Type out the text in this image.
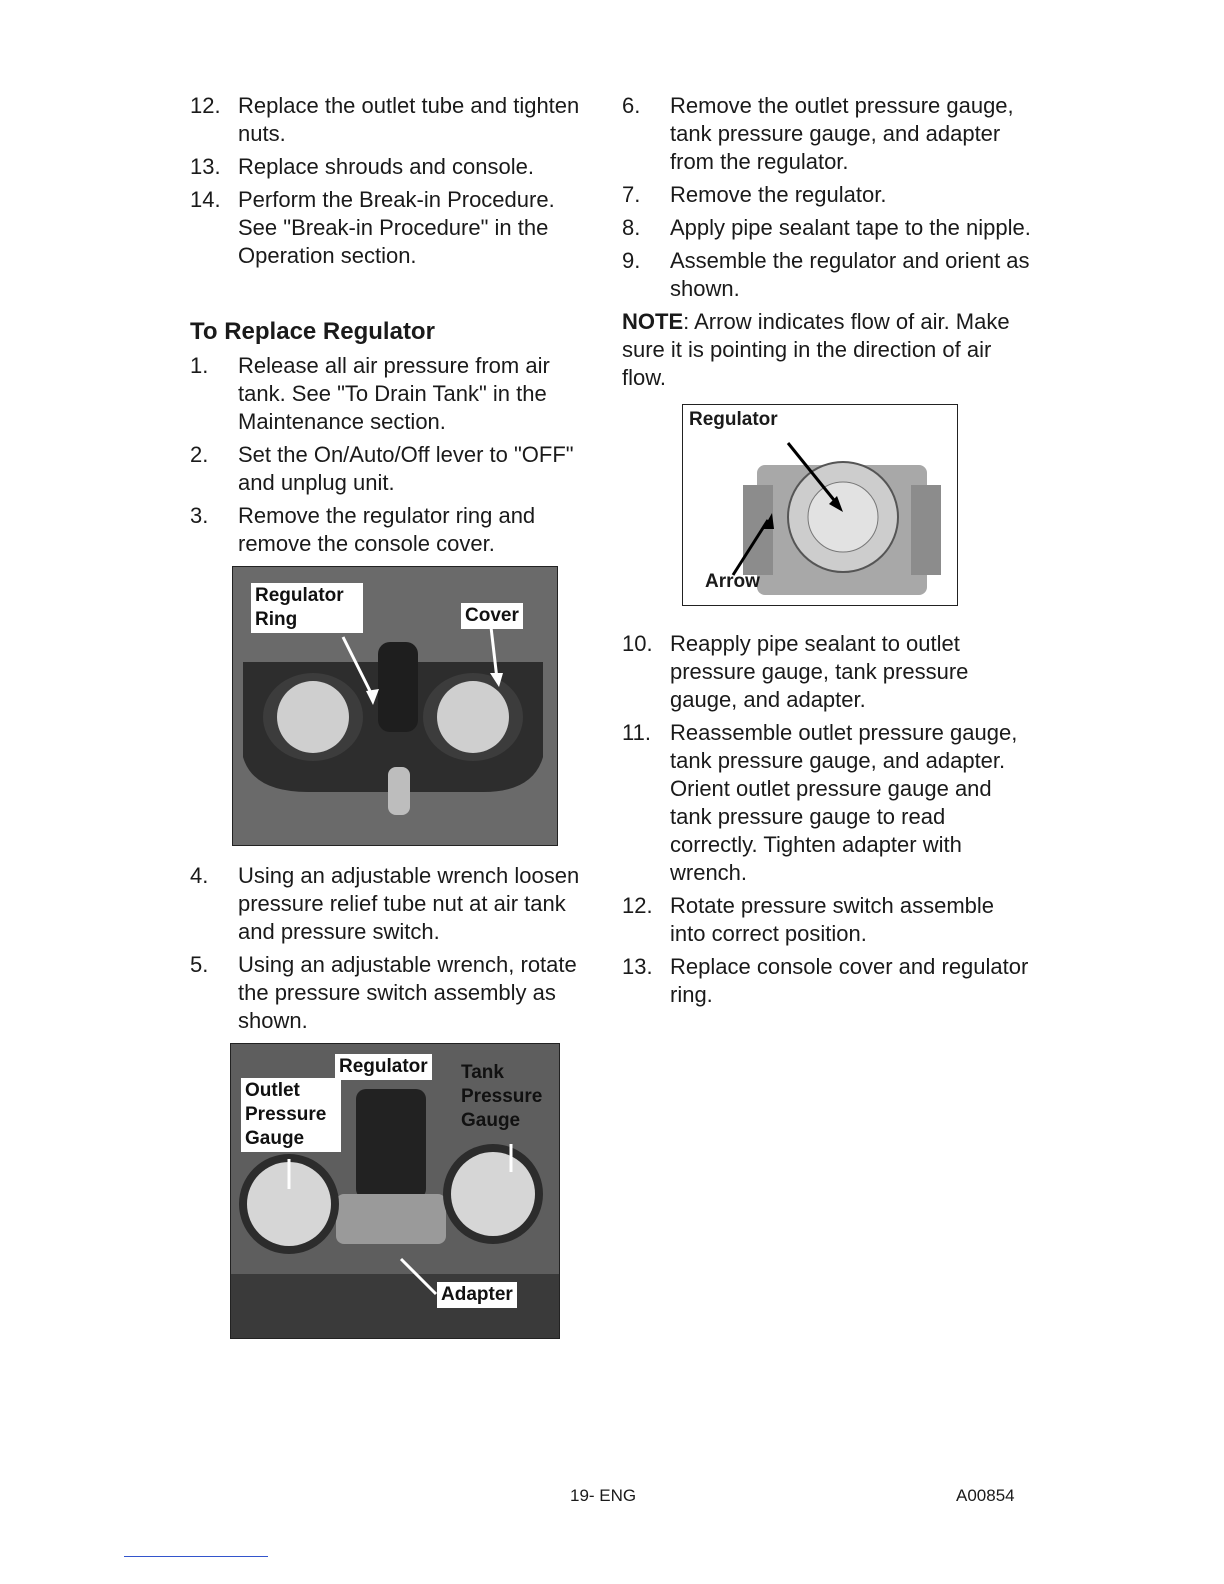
12. Replace the outlet tube and tighten nuts.
13. Replace shrouds and console.
14. Perform the Break-in Procedure. See "Break-in Procedure" in the Operation section.
To Replace Regulator
1. Release all air pressure from air tank. See "To Drain Tank" in the Maintenance section.
2. Set the On/Auto/Off lever to "OFF" and unplug unit.
3. Remove the regulator ring and remove the console cover.
Regulator Ring	Cover
4. Using an adjustable wrench loosen pressure relief tube nut at air tank and pressure switch.
5. Using an adjustable wrench, rotate the pressure switch assembly as shown.
Regulator Tank Pressure Gauge
Outlet Pressure Gauge
Adapter
6. Remove the outlet pressure gauge, tank pressure gauge, and adapter from the regulator.
7. Remove the regulator.
8. Apply pipe sealant tape to the nipple.
9. Assemble the regulator and orient as shown.
NOTE: Arrow indicates flow of air. Make sure it is pointing in the direction of air flow.
Regulator
Arrow
10. Reapply pipe sealant to outlet pressure gauge, tank pressure gauge, and adapter.
11. Reassemble outlet pressure gauge, tank pressure gauge, and adapter. Orient outlet pressure gauge and tank pressure gauge to read correctly. Tighten adapter with wrench.
12. Rotate pressure switch assemble into correct position.
13. Replace console cover and regulator ring.
19- ENG	A00854
